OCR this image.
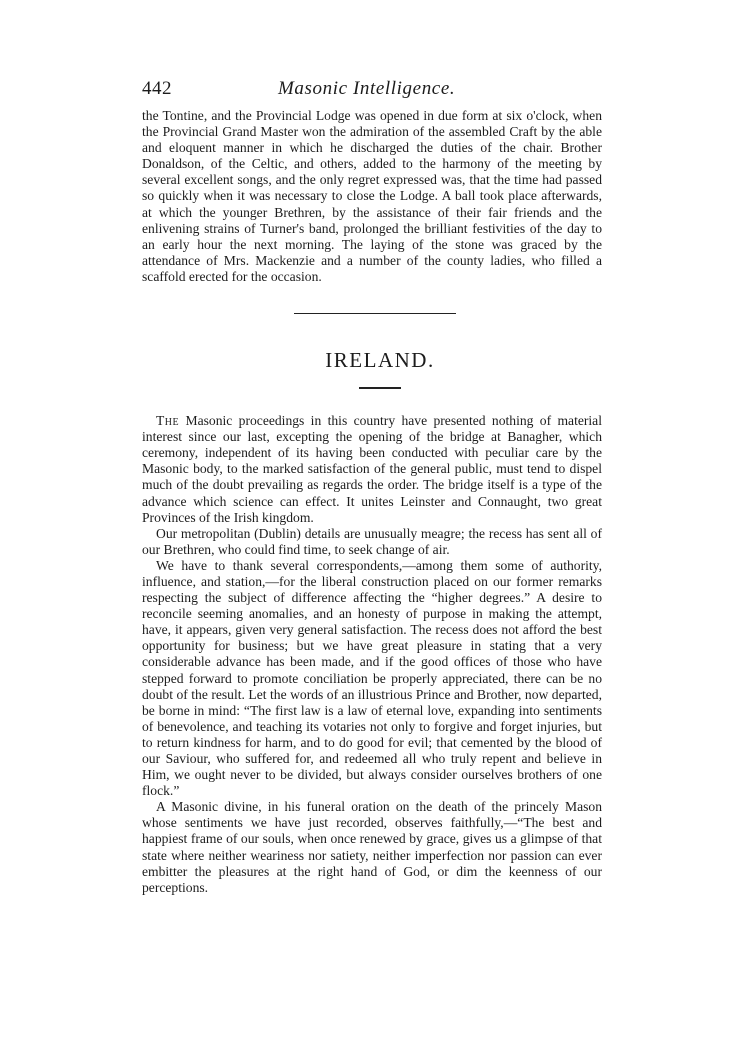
442	Masonic Intelligence.

the Tontine, and the Provincial Lodge was opened in due form at six o'clock, when the Provincial Grand Master won the admiration of the assembled Craft by the able and eloquent manner in which he discharged the duties of the chair. Brother Donaldson, of the Celtic, and others, added to the harmony of the meeting by several excellent songs, and the only regret expressed was, that the time had passed so quickly when it was necessary to close the Lodge. A ball took place afterwards, at which the younger Brethren, by the assistance of their fair friends and the enlivening strains of Turner's band, prolonged the brilliant festivities of the day to an early hour the next morning. The laying of the stone was graced by the attendance of Mrs. Mackenzie and a number of the county ladies, who filled a scaffold erected for the occasion.

IRELAND.

The Masonic proceedings in this country have presented nothing of material interest since our last, excepting the opening of the bridge at Banagher, which ceremony, independent of its having been conducted with peculiar care by the Masonic body, to the marked satisfaction of the general public, must tend to dispel much of the doubt prevailing as regards the order. The bridge itself is a type of the advance which science can effect. It unites Leinster and Connaught, two great Provinces of the Irish kingdom.

Our metropolitan (Dublin) details are unusually meagre; the recess has sent all of our Brethren, who could find time, to seek change of air.

We have to thank several correspondents,—among them some of authority, influence, and station,—for the liberal construction placed on our former remarks respecting the subject of difference affecting the “higher degrees.” A desire to reconcile seeming anomalies, and an honesty of purpose in making the attempt, have, it appears, given very general satisfaction. The recess does not afford the best opportunity for business; but we have great pleasure in stating that a very considerable advance has been made, and if the good offices of those who have stepped forward to promote conciliation be properly appreciated, there can be no doubt of the result. Let the words of an illustrious Prince and Brother, now departed, be borne in mind: “The first law is a law of eternal love, expanding into sentiments of benevolence, and teaching its votaries not only to forgive and forget injuries, but to return kindness for harm, and to do good for evil; that cemented by the blood of our Saviour, who suffered for, and redeemed all who truly repent and believe in Him, we ought never to be divided, but always consider ourselves brothers of one flock.”

A Masonic divine, in his funeral oration on the death of the princely Mason whose sentiments we have just recorded, observes faithfully,—“The best and happiest frame of our souls, when once renewed by grace, gives us a glimpse of that state where neither weariness nor satiety, neither imperfection nor passion can ever embitter the pleasures at the right hand of God, or dim the keenness of our perceptions.
